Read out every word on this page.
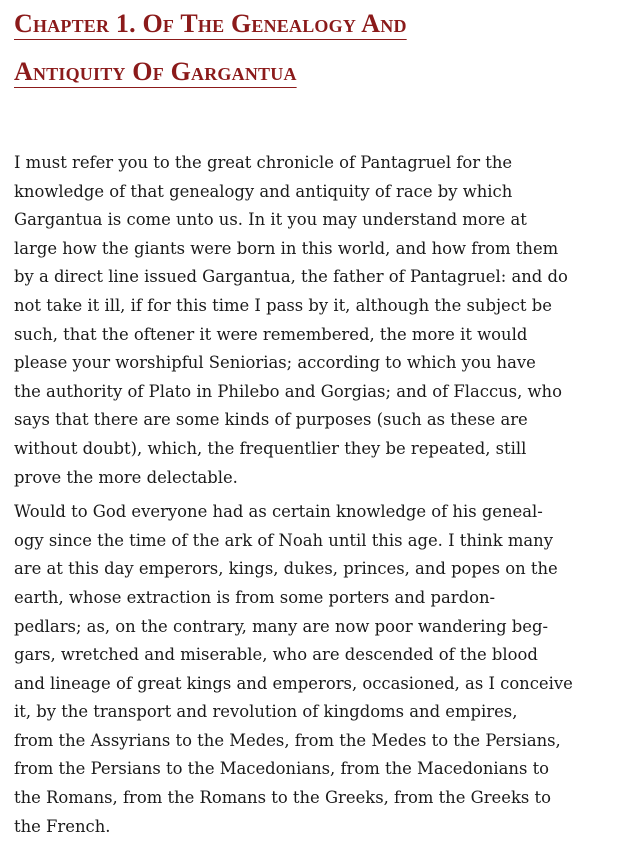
Chapter 1. Of The Genealogy And
Antiquity Of Gargantua

I must refer you to the great chronicle of Pantagruel for the
knowledge of that genealogy and antiquity of race by which
Gargantua is come unto us. In it you may understand more at
large how the giants were born in this world, and how from them
by a direct line issued Gargantua, the father of Pantagruel: and do
not take it ill, if for this time I pass by it, although the subject be
such, that the oftener it were remembered, the more it would
please your worshipful Seniorias; according to which you have
the authority of Plato in Philebo and Gorgias; and of Flaccus, who
says that there are some kinds of purposes (such as these are
without doubt), which, the frequentlier they be repeated, still
prove the more delectable.

Would to God everyone had as certain knowledge of his geneal-
ogy since the time of the ark of Noah until this age. I think many
are at this day emperors, kings, dukes, princes, and popes on the
earth, whose extraction is from some porters and pardon-
pedlars; as, on the contrary, many are now poor wandering beg-
gars, wretched and miserable, who are descended of the blood
and lineage of great kings and emperors, occasioned, as I conceive
it, by the transport and revolution of kingdoms and empires,
from the Assyrians to the Medes, from the Medes to the Persians,
from the Persians to the Macedonians, from the Macedonians to
the Romans, from the Romans to the Greeks, from the Greeks to
the French.
